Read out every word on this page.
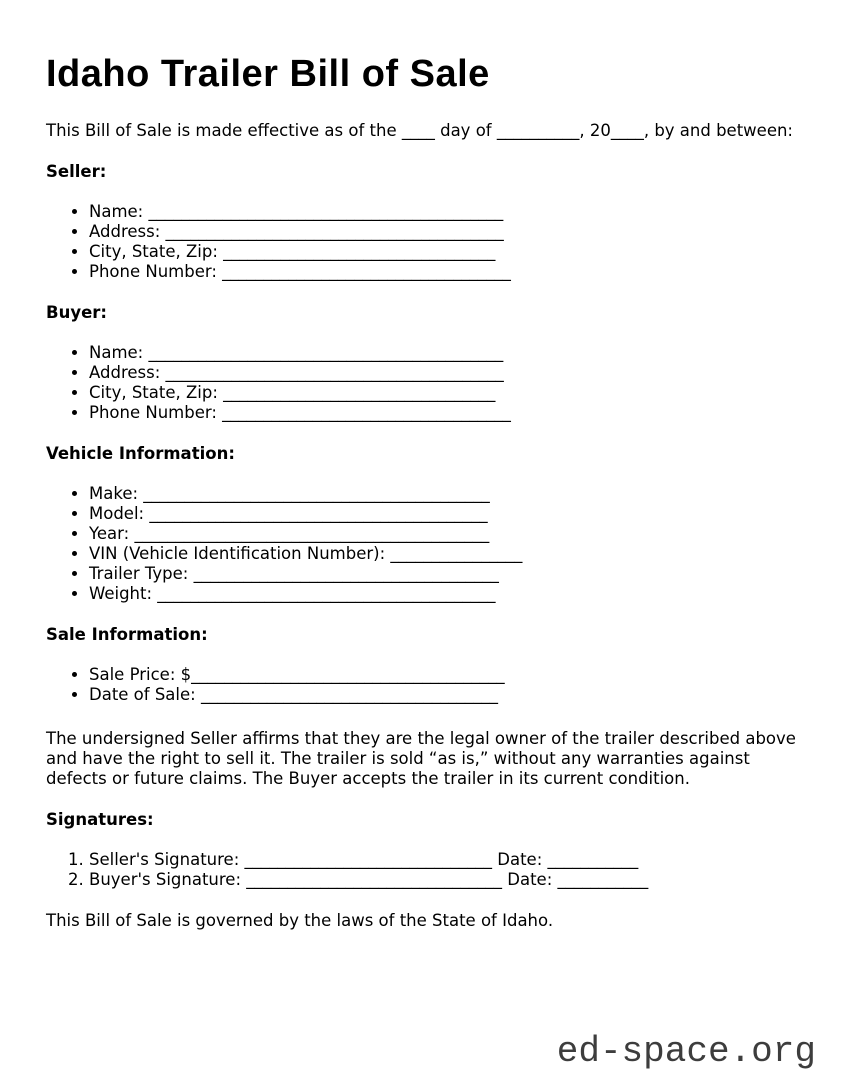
Idaho Trailer Bill of Sale

This Bill of Sale is made effective as of the ____ day of __________, 20____, by and between:

Seller:
• Name: ___________________________________________
• Address: _________________________________________
• City, State, Zip: _________________________________
• Phone Number: ___________________________________
Buyer:
• Name: ___________________________________________
• Address: _________________________________________
• City, State, Zip: _________________________________
• Phone Number: ___________________________________
Vehicle Information:
• Make: __________________________________________
• Model: _________________________________________
• Year: ___________________________________________
• VIN (Vehicle Identification Number): ________________
• Trailer Type: _____________________________________
• Weight: _________________________________________
Sale Information:
• Sale Price: $______________________________________
• Date of Sale: ____________________________________
The undersigned Seller affirms that they are the legal owner of the trailer described above
and have the right to sell it. The trailer is sold “as is,” without any warranties against
defects or future claims. The Buyer accepts the trailer in its current condition.
Signatures:
1. Seller's Signature: ______________________________ Date: ___________
2. Buyer's Signature: _______________________________ Date: ___________

This Bill of Sale is governed by the laws of the State of Idaho.

ed-space.org
